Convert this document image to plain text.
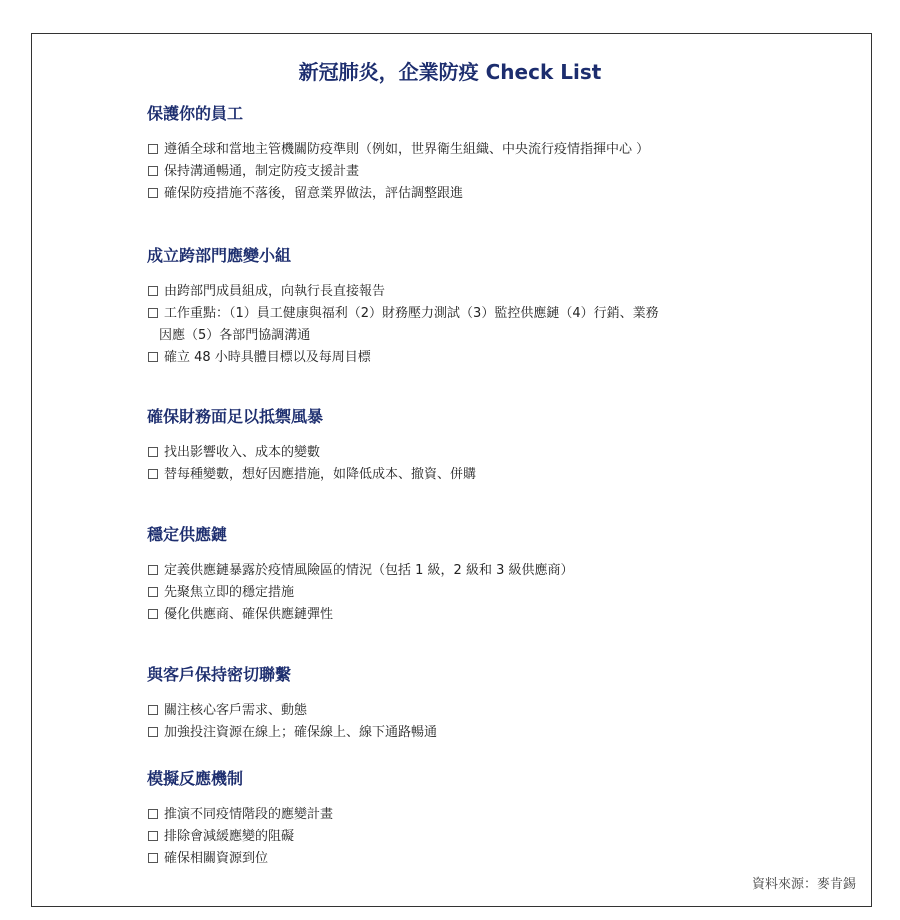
新冠肺炎，企業防疫 Check List
保護你的員工
遵循全球和當地主管機關防疫準則（例如，世界衛生組織、中央流行疫情指揮中心 ）
保持溝通暢通，制定防疫支援計畫
確保防疫措施不落後，留意業界做法，評估調整跟進
成立跨部門應變小組
由跨部門成員組成，向執行長直接報告
工作重點：（1）員工健康與福利（2）財務壓力測試（3）監控供應鏈（4）行銷、業務
因應（5）各部門協調溝通
確立 48 小時具體目標以及每周目標
確保財務面足以抵禦風暴
找出影響收入、成本的變數
替每種變數，想好因應措施，如降低成本、撤資、併購
穩定供應鏈
定義供應鏈暴露於疫情風險區的情況（包括 1 級，2 級和 3 級供應商）
先聚焦立即的穩定措施
優化供應商、確保供應鏈彈性
與客戶保持密切聯繫
關注核心客戶需求、動態
加強投注資源在線上；確保線上、線下通路暢通
模擬反應機制
推演不同疫情階段的應變計畫
排除會減緩應變的阻礙
確保相關資源到位
資料來源：麥肯錫
